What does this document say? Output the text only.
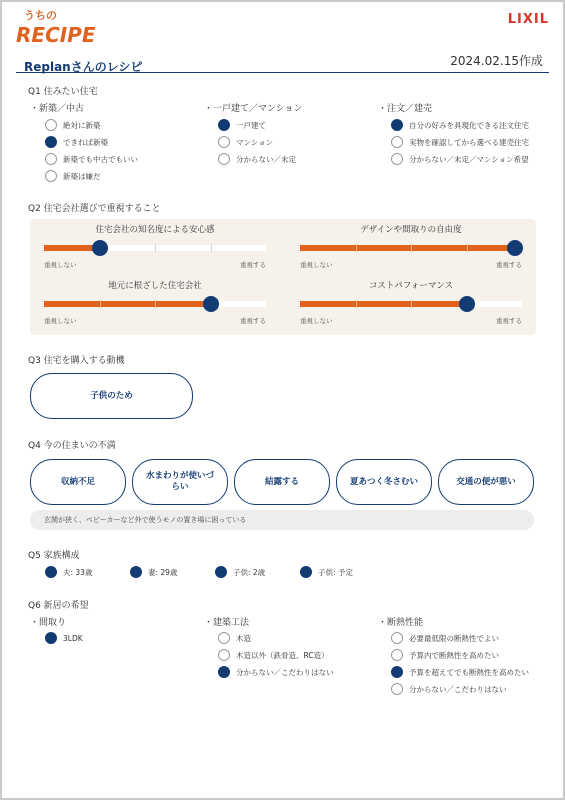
うちの
RECIPE
LIXIL
Replanさんのレシピ	2024.02.15作成
Q1 住みたい住宅
・新築／中古	・一戸建て／マンション	・注文／建売
絶対に新築
できれば新築
新築でも中古でもいい
新築は嫌だ
一戸建て
マンション
分からない／未定
自分の好みを具現化できる注文住宅
実物を確認してから選べる建売住宅
分からない／未定／マンション希望
Q2 住宅会社選びで重視すること
住宅会社の知名度による安心感
重視しない	重視する
デザインや間取りの自由度
重視しない	重視する
地元に根ざした住宅会社
重視しない	重視する
コストパフォーマンス
重視しない	重視する
Q3 住宅を購入する動機
子供のため
Q4 今の住まいの不満
収納不足
水まわりが使いづらい
結露する	夏あつく冬さむい	交通の便が悪い
玄関が狭く、ベビーカーなど外で使うモノの置き場に困っている
Q5 家族構成
夫: 33歳	妻: 29歳	子供: 2歳	子供: 予定
Q6 新居の希望
・間取り	・建築工法	・断熱性能
3LDK	木造
木造以外（鉄骨造、RC造）
分からない／こだわりはない
必要最低限の断熱性でよい
予算内で断熱性を高めたい
予算を超えてでも断熱性を高めたい
分からない／こだわりはない
